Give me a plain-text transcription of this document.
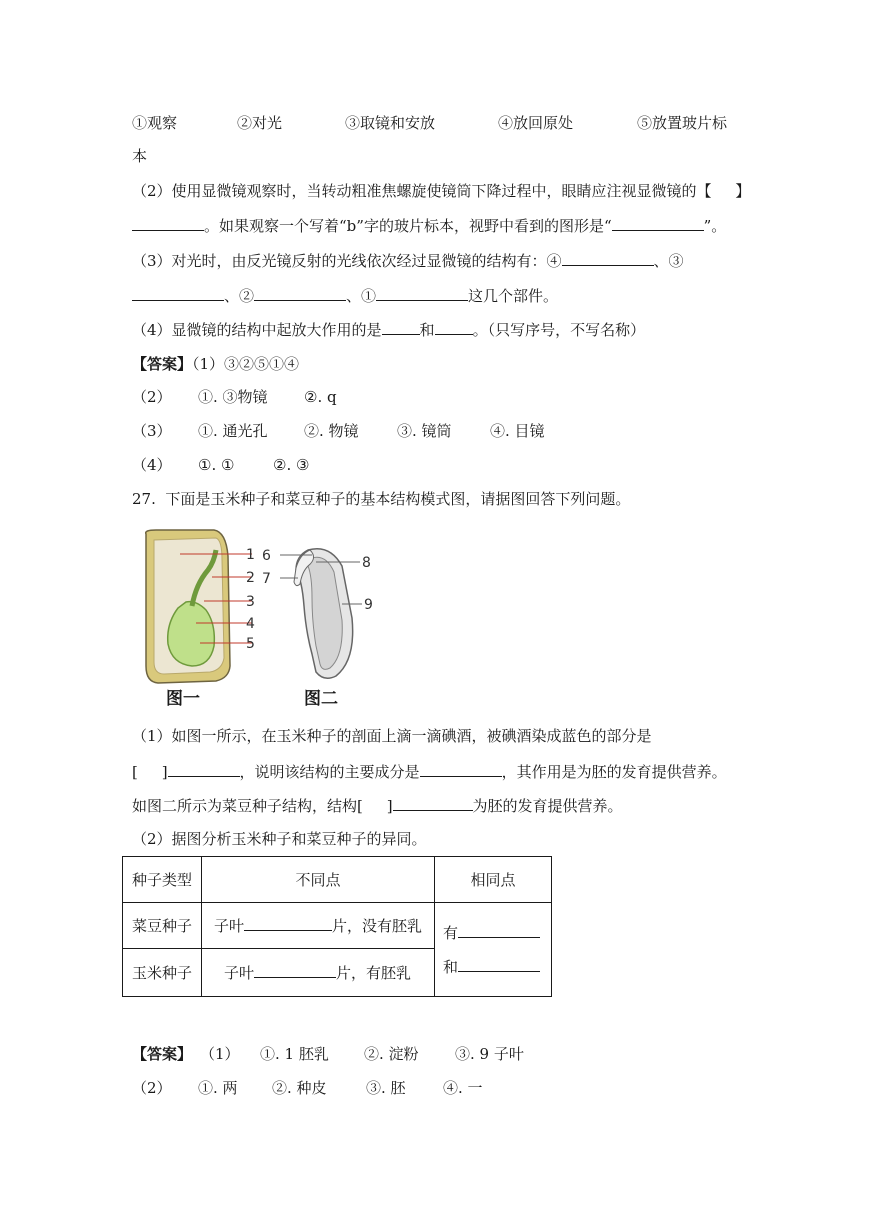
①观察	②对光	③取镜和安放	④放回原处	⑤放置玻片标
本
（2）使用显微镜观察时，当转动粗准焦螺旋使镜筒下降过程中，眼睛应注视显微镜的【     】
。如果观察一个写着“b”字的玻片标本，视野中看到的图形是“	”。
（3）对光时，由反光镜反射的光线依次经过显微镜的结构有：④	、③
、②	、①	这几个部件。
（4）显微镜的结构中起放大作用的是	和	。（只写序号，不写名称）
【答案】（1）③②⑤①④
（2） ①. ③物镜 ②. q
（3） ①. 通光孔 ②. 物镜	③. 镜筒	④. 目镜
（4） ①. ①	②. ③
27.  下面是玉米种子和菜豆种子的基本结构模式图，请据图回答下列问题。
1
2
3
4
5
图一
6
7
8
9
图二
（1）如图一所示，在玉米种子的剖面上滴一滴碘酒，被碘酒染成蓝色的部分是
[     ]	，说明该结构的主要成分是	，其作用是为胚的发育提供营养。
如图二所示为菜豆种子结构，结构[     ]	为胚的发育提供营养。
（2）据图分析玉米种子和菜豆种子的异同。
种子类型	不同点	相同点
菜豆种子	子叶 片，没有胚乳	有
和
玉米种子	子叶 片，有胚乳	
【答案】 （1） ①. 1 胚乳 ②. 淀粉 ③. 9 子叶
（2） ①. 两 ②. 种皮	③. 胚 ④. 一
